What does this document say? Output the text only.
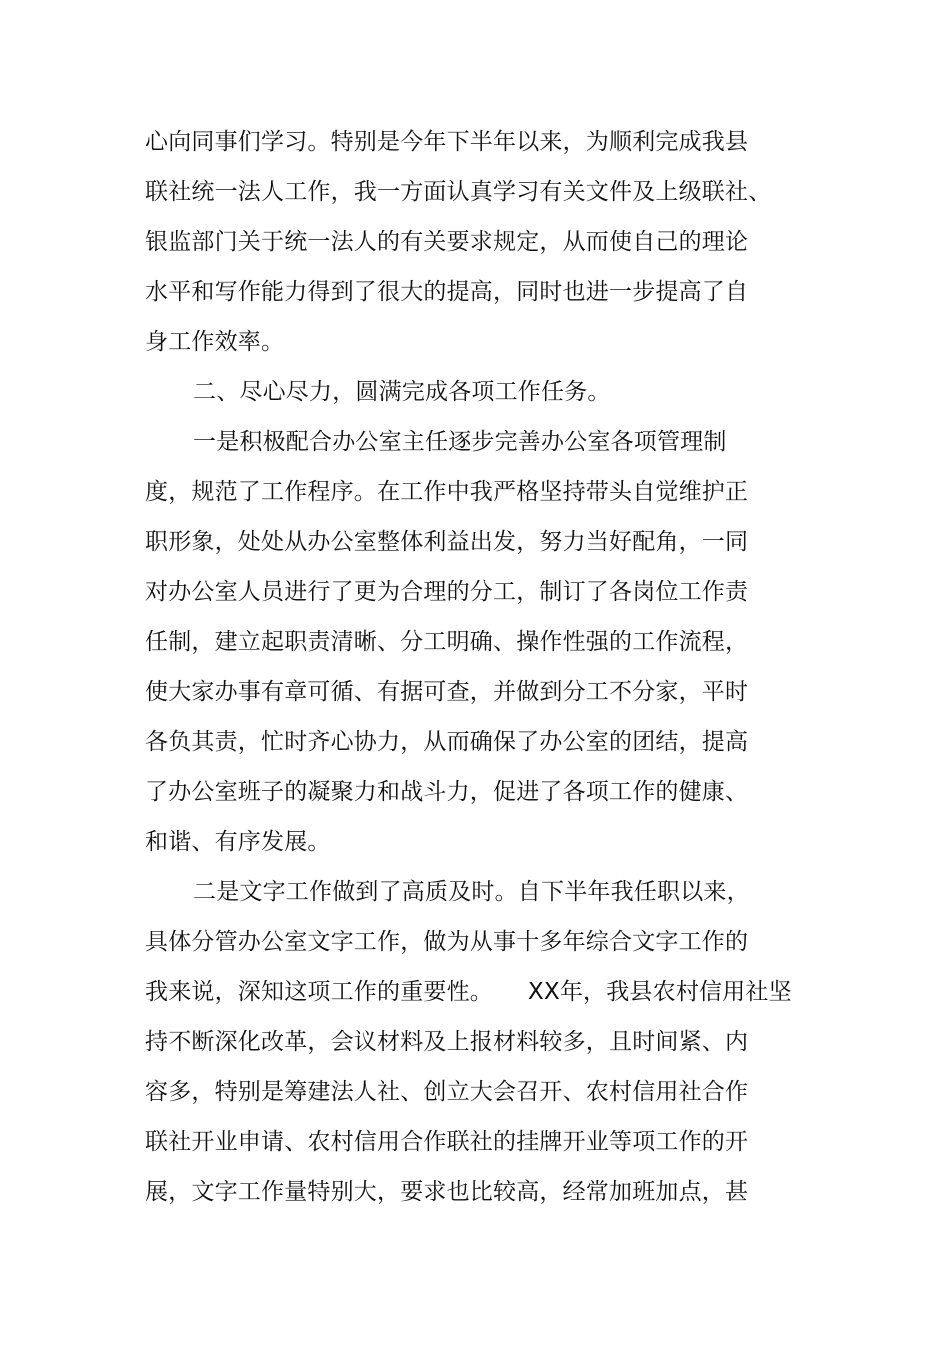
心向同事们学习。特别是今年下半年以来，为顺利完成我县
联社统一法人工作，我一方面认真学习有关文件及上级联社、
银监部门关于统一法人的有关要求规定，从而使自己的理论
水平和写作能力得到了很大的提高，同时也进一步提高了自
身工作效率。
二、尽心尽力，圆满完成各项工作任务。
一是积极配合办公室主任逐步完善办公室各项管理制
度，规范了工作程序。在工作中我严格坚持带头自觉维护正
职形象，处处从办公室整体利益出发，努力当好配角，一同
对办公室人员进行了更为合理的分工，制订了各岗位工作责
任制，建立起职责清晰、分工明确、操作性强的工作流程，
使大家办事有章可循、有据可查，并做到分工不分家，平时
各负其责，忙时齐心协力，从而确保了办公室的团结，提高
了办公室班子的凝聚力和战斗力，促进了各项工作的健康、
和谐、有序发展。
二是文字工作做到了高质及时。自下半年我任职以来，
具体分管办公室文字工作，做为从事十多年综合文字工作的
我来说，深知这项工作的重要性。　　XX年，我县农村信用社坚
持不断深化改革，会议材料及上报材料较多，且时间紧、内
容多，特别是筹建法人社、创立大会召开、农村信用社合作
联社开业申请、农村信用合作联社的挂牌开业等项工作的开
展，文字工作量特别大，要求也比较高，经常加班加点，甚
